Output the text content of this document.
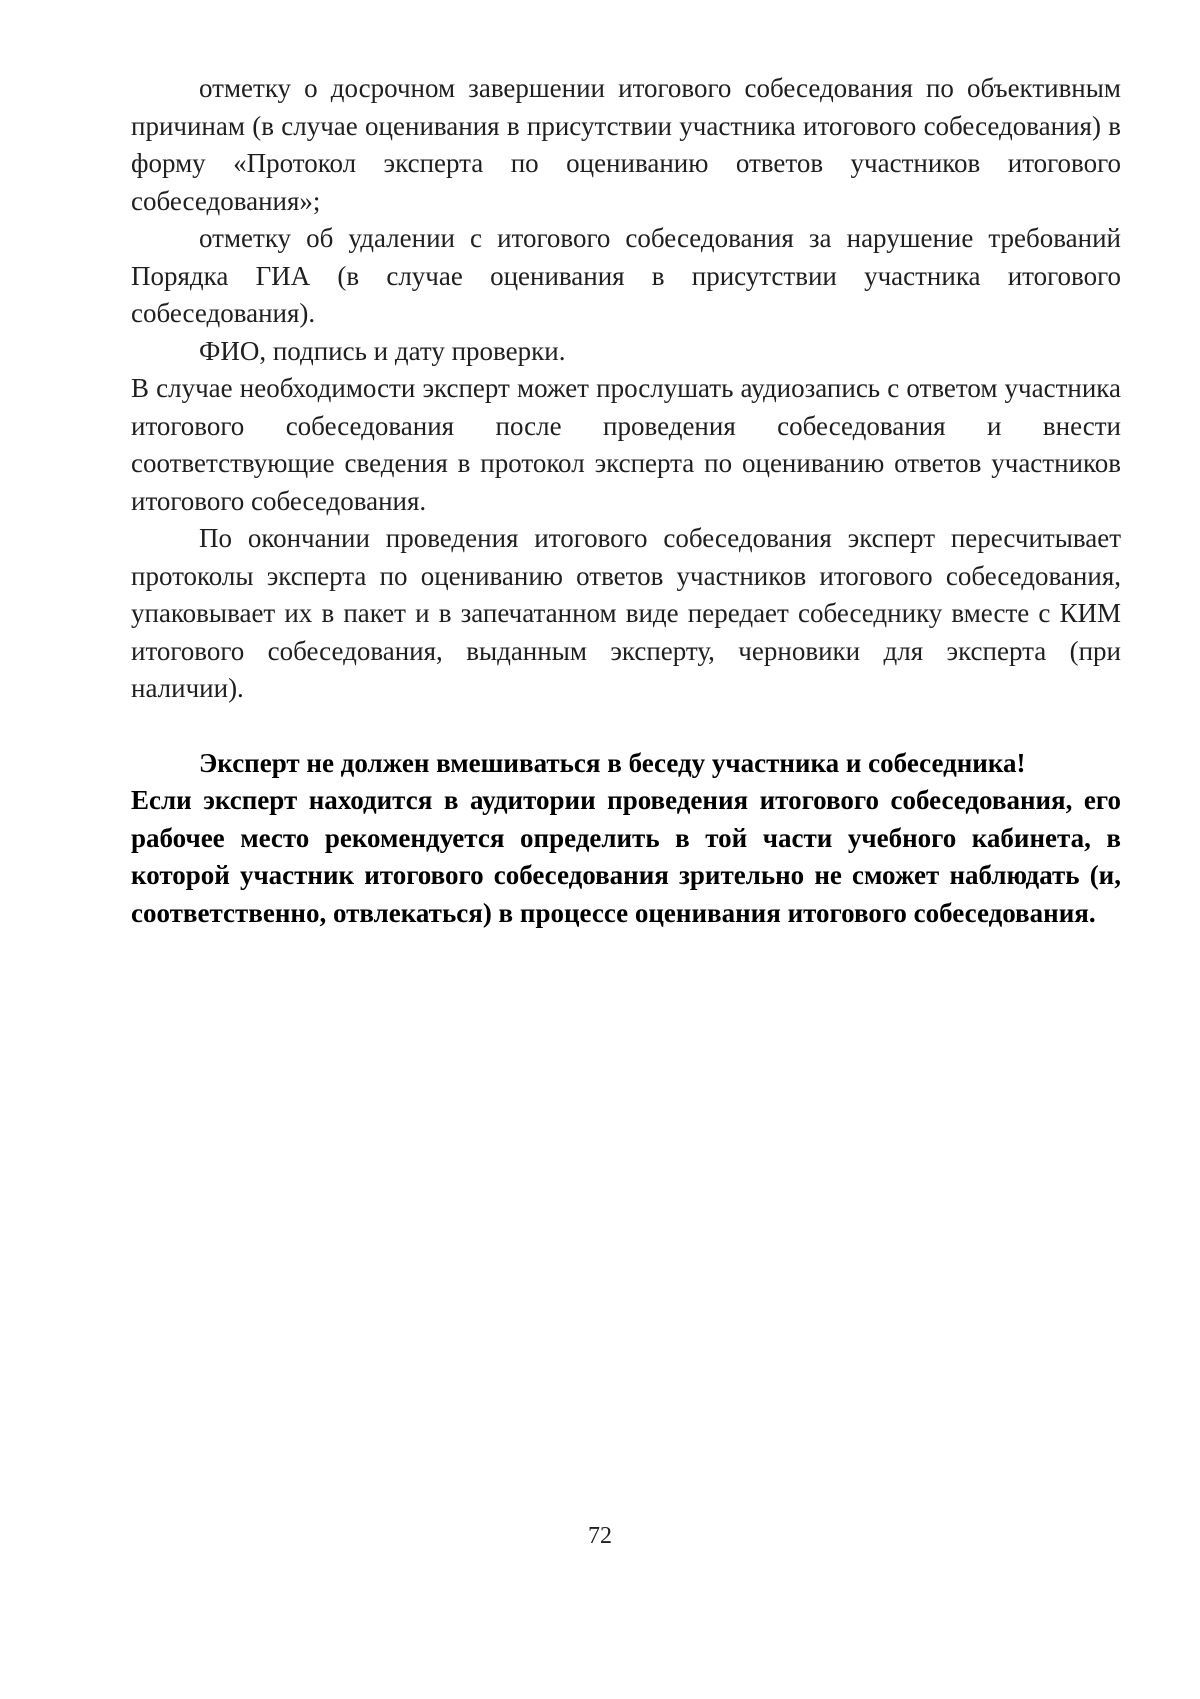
отметку о досрочном завершении итогового собеседования по объективным причинам (в случае оценивания в присутствии участника итогового собеседования) в форму «Протокол эксперта по оцениванию ответов участников итогового собеседования»;

отметку об удалении с итогового собеседования за нарушение требований Порядка ГИА (в случае оценивания в присутствии участника итогового собеседования).

ФИО, подпись и дату проверки.

В случае необходимости эксперт может прослушать аудиозапись с ответом участника итогового собеседования после проведения собеседования и внести соответствующие сведения в протокол эксперта по оцениванию ответов участников итогового собеседования.

По окончании проведения итогового собеседования эксперт пересчитывает протоколы эксперта по оцениванию ответов участников итогового собеседования, упаковывает их в пакет и в запечатанном виде передает собеседнику вместе с КИМ итогового собеседования, выданным эксперту, черновики для эксперта (при наличии).

Эксперт не должен вмешиваться в беседу участника и собеседника!

Если эксперт находится в аудитории проведения итогового собеседования, его рабочее место рекомендуется определить в той части учебного кабинета, в которой участник итогового собеседования зрительно не сможет наблюдать (и, соответственно, отвлекаться) в процессе оценивания итогового собеседования.

72
